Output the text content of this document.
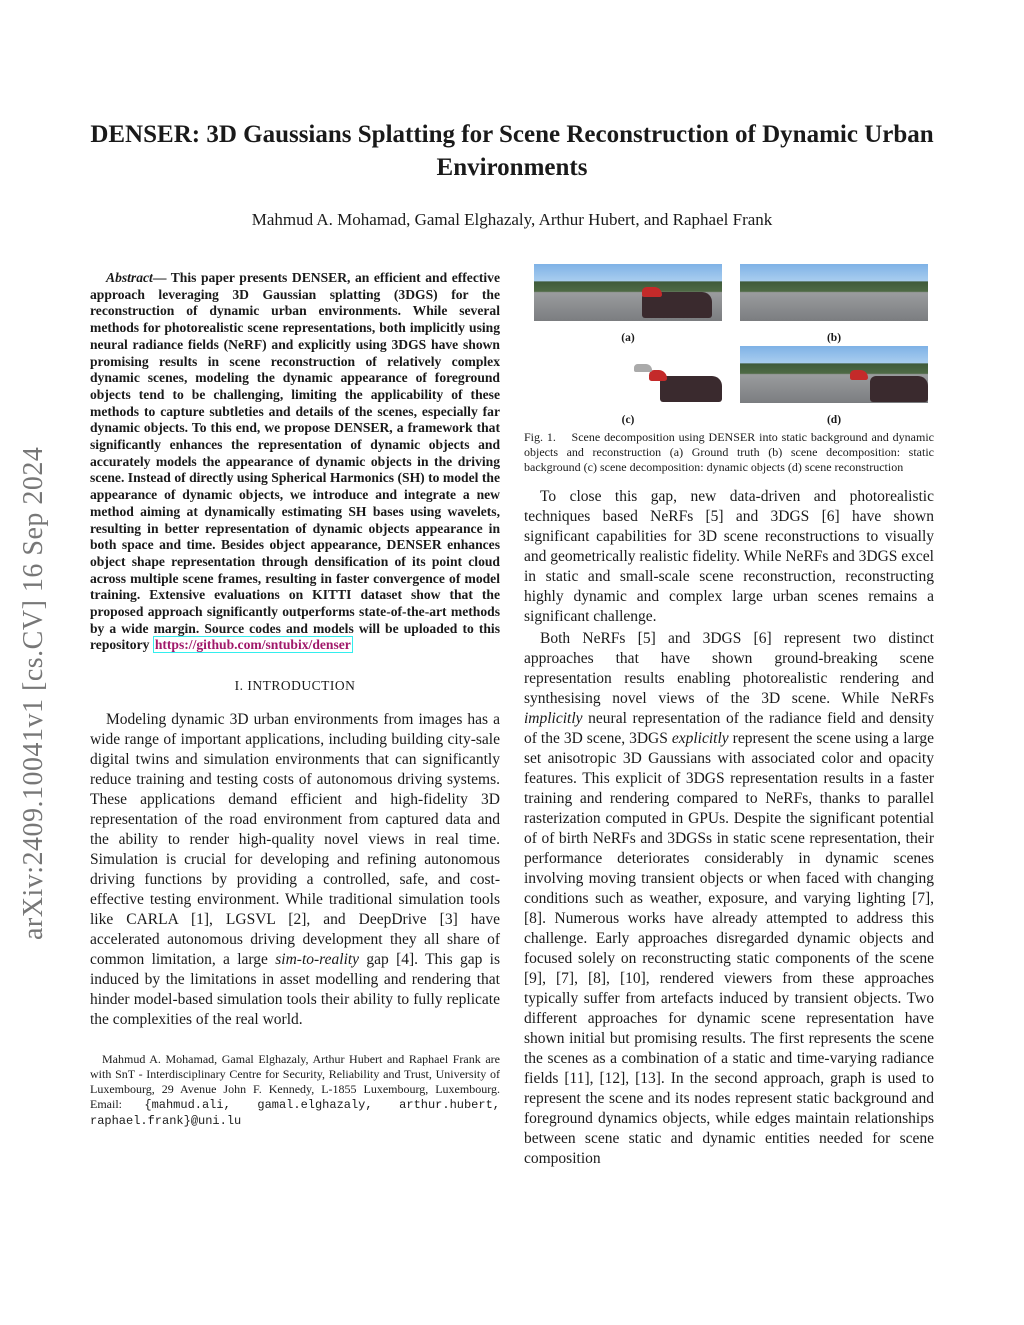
arXiv:2409.10041v1 [cs.CV] 16 Sep 2024
DENSER: 3D Gaussians Splatting for Scene Reconstruction of Dynamic Urban Environments
Mahmud A. Mohamad, Gamal Elghazaly, Arthur Hubert, and Raphael Frank
Abstract— This paper presents DENSER, an efficient and effective approach leveraging 3D Gaussian splatting (3DGS) for the reconstruction of dynamic urban environments. While several methods for photorealistic scene representations, both implicitly using neural radiance fields (NeRF) and explicitly using 3DGS have shown promising results in scene reconstruction of relatively complex dynamic scenes, modeling the dynamic appearance of foreground objects tend to be challenging, limiting the applicability of these methods to capture subtleties and details of the scenes, especially far dynamic objects. To this end, we propose DENSER, a framework that significantly enhances the representation of dynamic objects and accurately models the appearance of dynamic objects in the driving scene. Instead of directly using Spherical Harmonics (SH) to model the appearance of dynamic objects, we introduce and integrate a new method aiming at dynamically estimating SH bases using wavelets, resulting in better representation of dynamic objects appearance in both space and time. Besides object appearance, DENSER enhances object shape representation through densification of its point cloud across multiple scene frames, resulting in faster convergence of model training. Extensive evaluations on KITTI dataset show that the proposed approach significantly outperforms state-of-the-art methods by a wide margin. Source codes and models will be uploaded to this repository https://github.com/sntubix/denser
I. INTRODUCTION

Modeling dynamic 3D urban environments from images has a wide range of important applications, including building city-sale digital twins and simulation environments that can significantly reduce training and testing costs of autonomous driving systems. These applications demand efficient and high-fidelity 3D representation of the road environment from captured data and the ability to render high-quality novel views in real time. Simulation is crucial for developing and refining autonomous driving functions by providing a controlled, safe, and cost-effective testing environment. While traditional simulation tools like CARLA [1], LGSVL [2], and DeepDrive [3] have accelerated autonomous driving development they all share of common limitation, a large sim-to-reality gap [4]. This gap is induced by the limitations in asset modelling and rendering that hinder model-based simulation tools their ability to fully replicate the complexities of the real world.

Mahmud A. Mohamad, Gamal Elghazaly, Arthur Hubert and Raphael Frank are with SnT - Interdisciplinary Centre for Security, Reliability and Trust, University of Luxembourg, 29 Avenue John F. Kennedy, L-1855 Luxembourg, Luxembourg. Email: {mahmud.ali, gamal.elghazaly, arthur.hubert, raphael.frank}@uni.lu
(a)	(b)
(c)	(d)
Fig. 1. Scene decomposition using DENSER into static background and dynamic objects and reconstruction (a) Ground truth (b) scene decomposition: static background (c) scene decomposition: dynamic objects (d) scene reconstruction

To close this gap, new data-driven and photorealistic techniques based NeRFs [5] and 3DGS [6] have shown significant capabilities for 3D scene reconstructions to visually and geometrically realistic fidelity. While NeRFs and 3DGS excel in static and small-scale scene reconstruction, reconstructing highly dynamic and complex large urban scenes remains a significant challenge.

Both NeRFs [5] and 3DGS [6] represent two distinct approaches that have shown ground-breaking scene representation results enabling photorealistic rendering and synthesising novel views of the 3D scene. While NeRFs implicitly neural representation of the radiance field and density of the 3D scene, 3DGS explicitly represent the scene using a large set anisotropic 3D Gaussians with associated color and opacity features. This explicit of 3DGS representation results in a faster training and rendering compared to NeRFs, thanks to parallel rasterization computed in GPUs. Despite the significant potential of of birth NeRFs and 3DGSs in static scene representation, their performance deteriorates considerably in dynamic scenes involving moving transient objects or when faced with changing conditions such as weather, exposure, and varying lighting [7], [8]. Numerous works have already attempted to address this challenge. Early approaches disregarded dynamic objects and focused solely on reconstructing static components of the scene [9], [7], [8], [10], rendered viewers from these approaches typically suffer from artefacts induced by transient objects. Two different approaches for dynamic scene representation have shown initial but promising results. The first represents the scene the scenes as a combination of a static and time-varying radiance fields [11], [12], [13]. In the second approach, graph is used to represent the scene and its nodes represent static background and foreground dynamics objects, while edges maintain relationships between scene static and dynamic entities needed for scene composition
